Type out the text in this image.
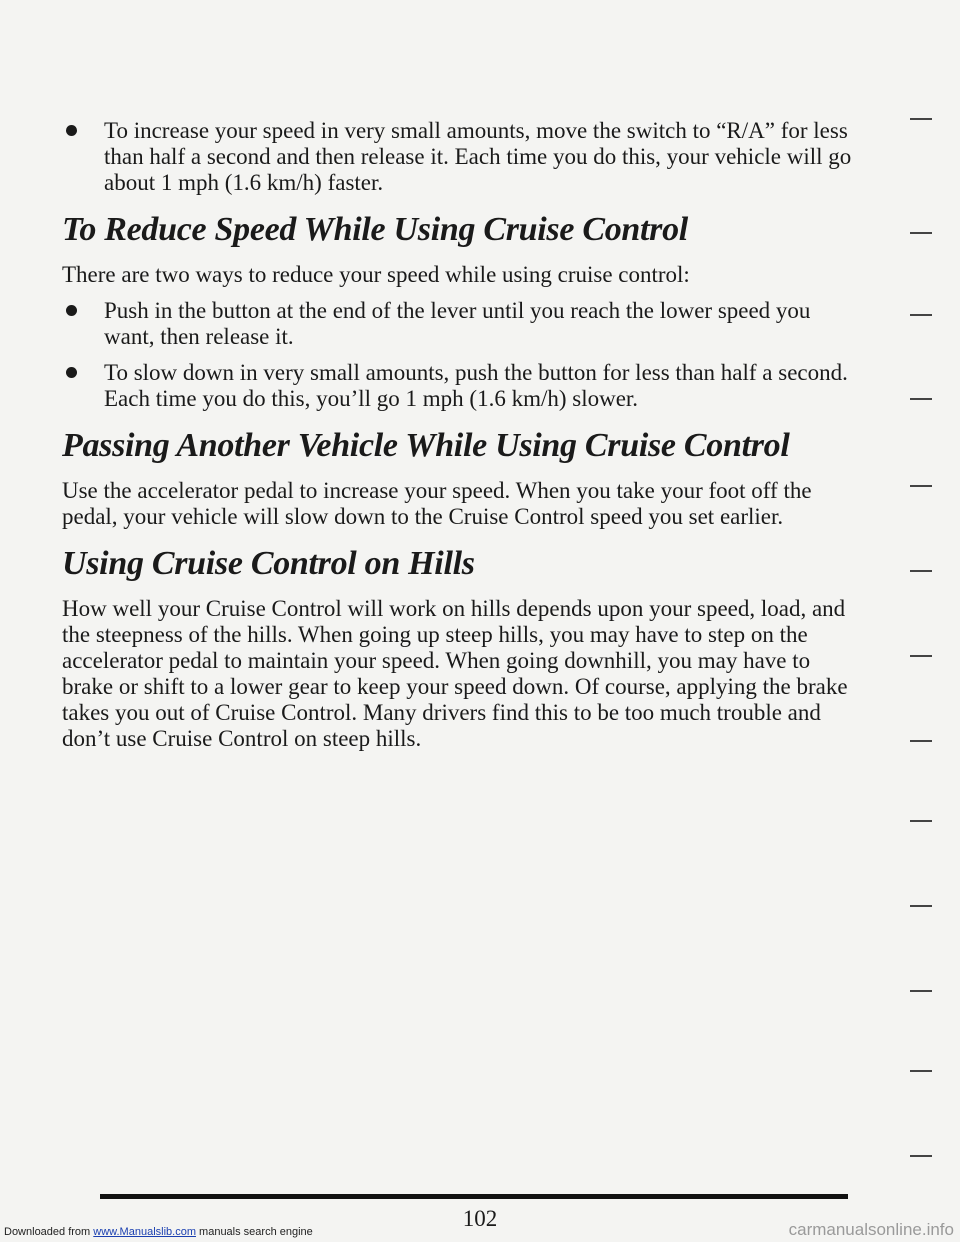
To increase your speed in very small amounts, move the switch to “R/A” for less than half a second and then release it. Each time you do this, your vehicle will go about 1 mph (1.6 km/h) faster.
To Reduce Speed While Using Cruise Control

There are two ways to reduce your speed while using cruise control:

Push in the button at the end of the lever until you reach the lower speed you want, then release it.
To slow down in very small amounts, push the button for less than half a second. Each time you do this, you’ll go 1 mph (1.6 km/h) slower.
Passing Another Vehicle While Using Cruise Control

Use the accelerator pedal to increase your speed. When you take your foot off the pedal, your vehicle will slow down to the Cruise Control speed you set earlier.

Using Cruise Control on Hills

How well your Cruise Control will work on hills depends upon your speed, load, and the steepness of the hills. When going up steep hills, you may have to step on the accelerator pedal to maintain your speed. When going downhill, you may have to brake or shift to a lower gear to keep your speed down. Of course, applying the brake takes you out of Cruise Control. Many drivers find this to be too much trouble and don’t use Cruise Control on steep hills.

102
Downloaded from www.Manualslib.com manuals search engine	carmanualsonline.info
